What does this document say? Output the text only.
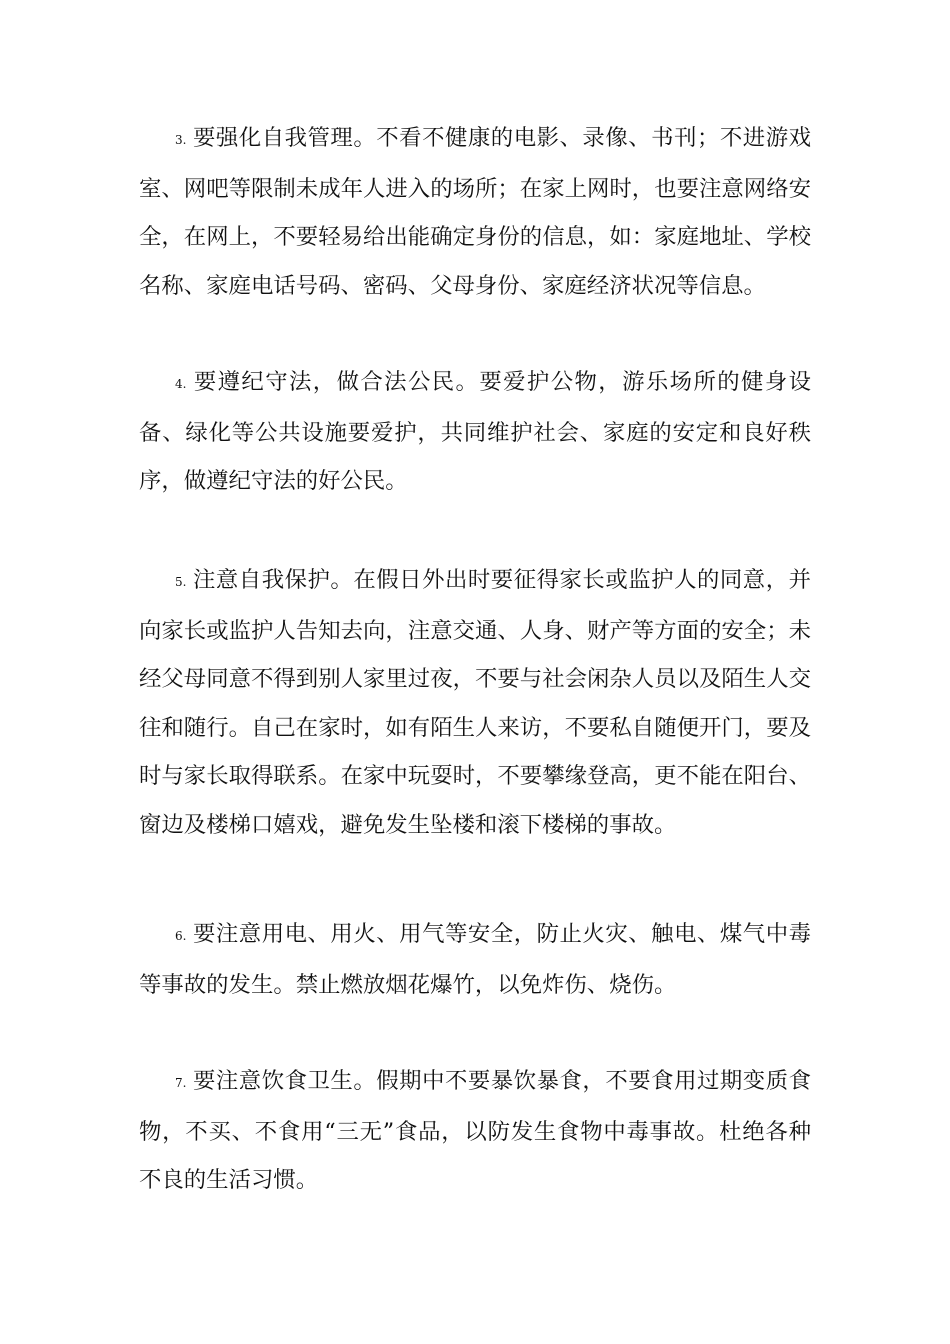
3. 要强化自我管理。不看不健康的电影、录像、书刊；不进游戏室、网吧等限制未成年人进入的场所；在家上网时，也要注意网络安全，在网上，不要轻易给出能确定身份的信息，如：家庭地址、学校名称、家庭电话号码、密码、父母身份、家庭经济状况等信息。

4. 要遵纪守法，做合法公民。要爱护公物，游乐场所的健身设备、绿化等公共设施要爱护，共同维护社会、家庭的安定和良好秩序，做遵纪守法的好公民。

5. 注意自我保护。在假日外出时要征得家长或监护人的同意，并向家长或监护人告知去向，注意交通、人身、财产等方面的安全；未经父母同意不得到别人家里过夜，不要与社会闲杂人员以及陌生人交往和随行。自己在家时，如有陌生人来访，不要私自随便开门，要及时与家长取得联系。在家中玩耍时，不要攀缘登高，更不能在阳台、窗边及楼梯口嬉戏，避免发生坠楼和滚下楼梯的事故。

6. 要注意用电、用火、用气等安全，防止火灾、触电、煤气中毒等事故的发生。禁止燃放烟花爆竹，以免炸伤、烧伤。

7. 要注意饮食卫生。假期中不要暴饮暴食，不要食用过期变质食物，不买、不食用“三无”食品，以防发生食物中毒事故。杜绝各种不良的生活习惯。
